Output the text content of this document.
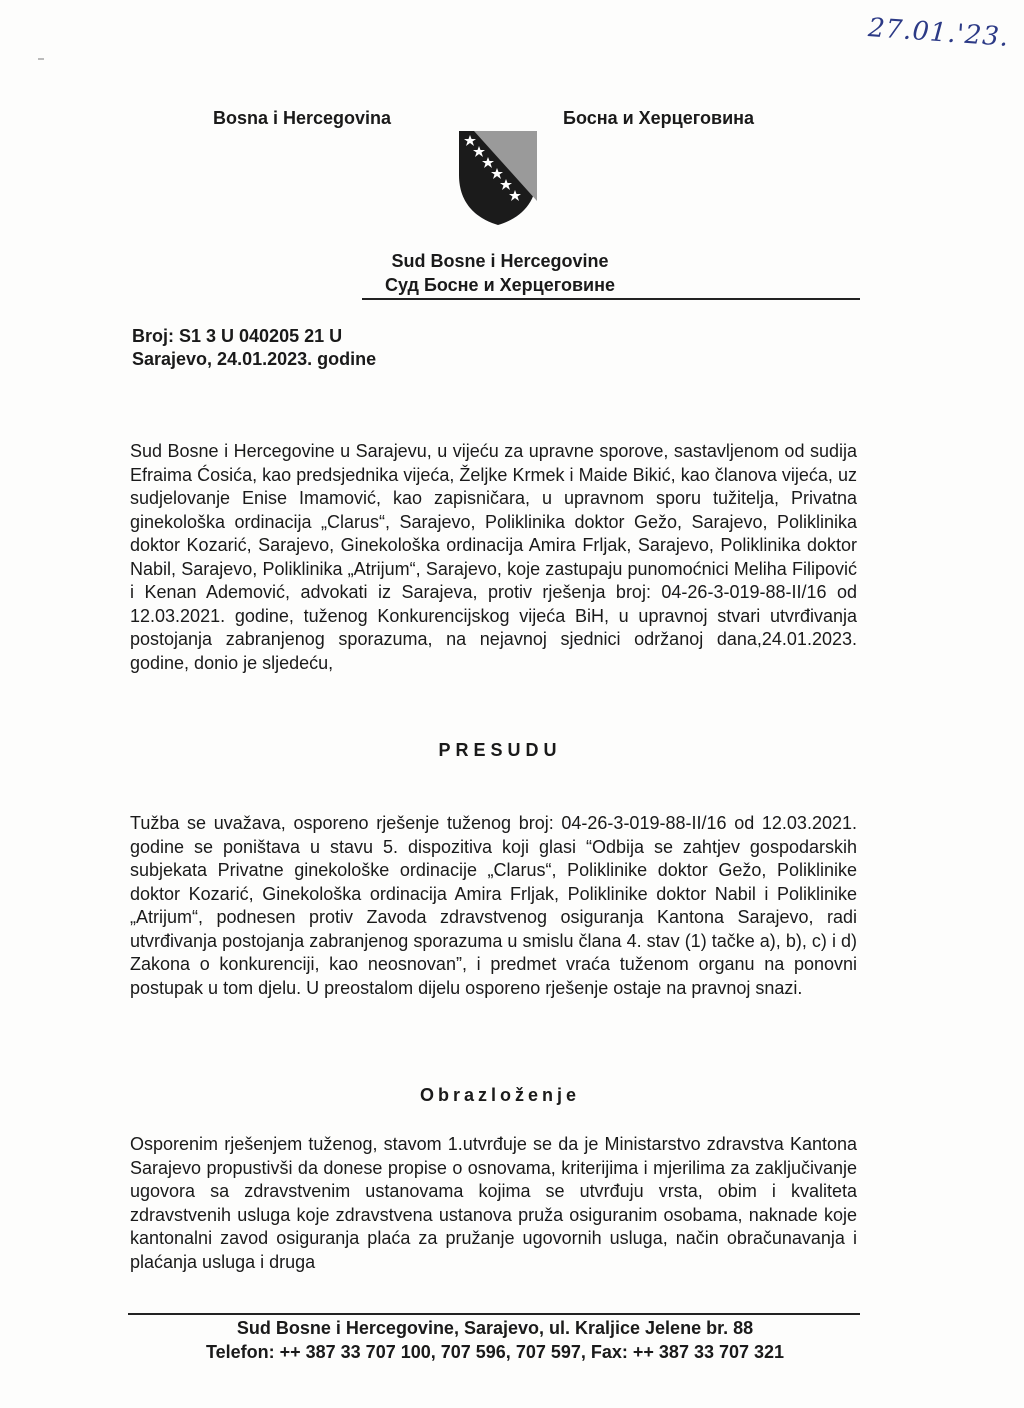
27.01.'23.
Bosna i Hercegovina	Босна и Херцеговина
Sud Bosne i Hercegovine
Суд Босне и Херцеговине
Broj: S1 3 U 040205 21 U
Sarajevo, 24.01.2023. godine
Sud Bosne i Hercegovine u Sarajevu, u vijeću za upravne sporove, sastavljenom od sudija Efraima Ćosića, kao predsjednika vijeća, Željke Krmek i Maide Bikić, kao članova vijeća, uz sudjelovanje Enise Imamović, kao zapisničara, u upravnom sporu tužitelja, Privatna ginekološka ordinacija „Clarus“, Sarajevo, Poliklinika doktor Gežo, Sarajevo, Poliklinika doktor Kozarić, Sarajevo, Ginekološka ordinacija Amira Frljak, Sarajevo, Poliklinika doktor Nabil, Sarajevo, Poliklinika „Atrijum“, Sarajevo, koje zastupaju punomoćnici Meliha Filipović i Kenan Ademović, advokati iz Sarajeva, protiv rješenja broj: 04-26-3-019-88-II/16 od 12.03.2021. godine, tuženog Konkurencijskog vijeća BiH, u upravnoj stvari utvrđivanja postojanja zabranjenog sporazuma, na nejavnoj sjednici održanoj dana,24.01.2023. godine, donio je sljedeću,
PRESUDU
Tužba se uvažava, osporeno rješenje tuženog broj: 04-26-3-019-88-II/16 od 12.03.2021. godine se poništava u stavu 5. dispozitiva koji glasi “Odbija se zahtjev gospodarskih subjekata Privatne ginekološke ordinacije „Clarus“, Poliklinike doktor Gežo, Poliklinike doktor Kozarić, Ginekološka ordinacija Amira Frljak, Poliklinike doktor Nabil i Poliklinike „Atrijum“, podnesen protiv Zavoda zdravstvenog osiguranja Kantona Sarajevo, radi utvrđivanja postojanja zabranjenog sporazuma u smislu člana 4. stav (1) tačke a), b), c) i d) Zakona o konkurenciji, kao neosnovan”, i predmet vraća tuženom organu na ponovni postupak u tom djelu. U preostalom dijelu osporeno rješenje ostaje na pravnoj snazi.
Obrazloženje
Osporenim rješenjem tuženog, stavom 1.utvrđuje se da je Ministarstvo zdravstva Kantona Sarajevo propustivši da donese propise o osnovama, kriterijima i mjerilima za zaključivanje ugovora sa zdravstvenim ustanovama kojima se utvrđuju vrsta, obim i kvaliteta zdravstvenih usluga koje zdravstvena ustanova pruža osiguranim osobama, naknade koje kantonalni zavod osiguranja plaća za pružanje ugovornih usluga, način obračunavanja i plaćanja usluga i druga
Sud Bosne i Hercegovine, Sarajevo, ul. Kraljice Jelene br. 88
Telefon: ++ 387 33 707 100, 707 596, 707 597, Fax: ++ 387 33 707 321
